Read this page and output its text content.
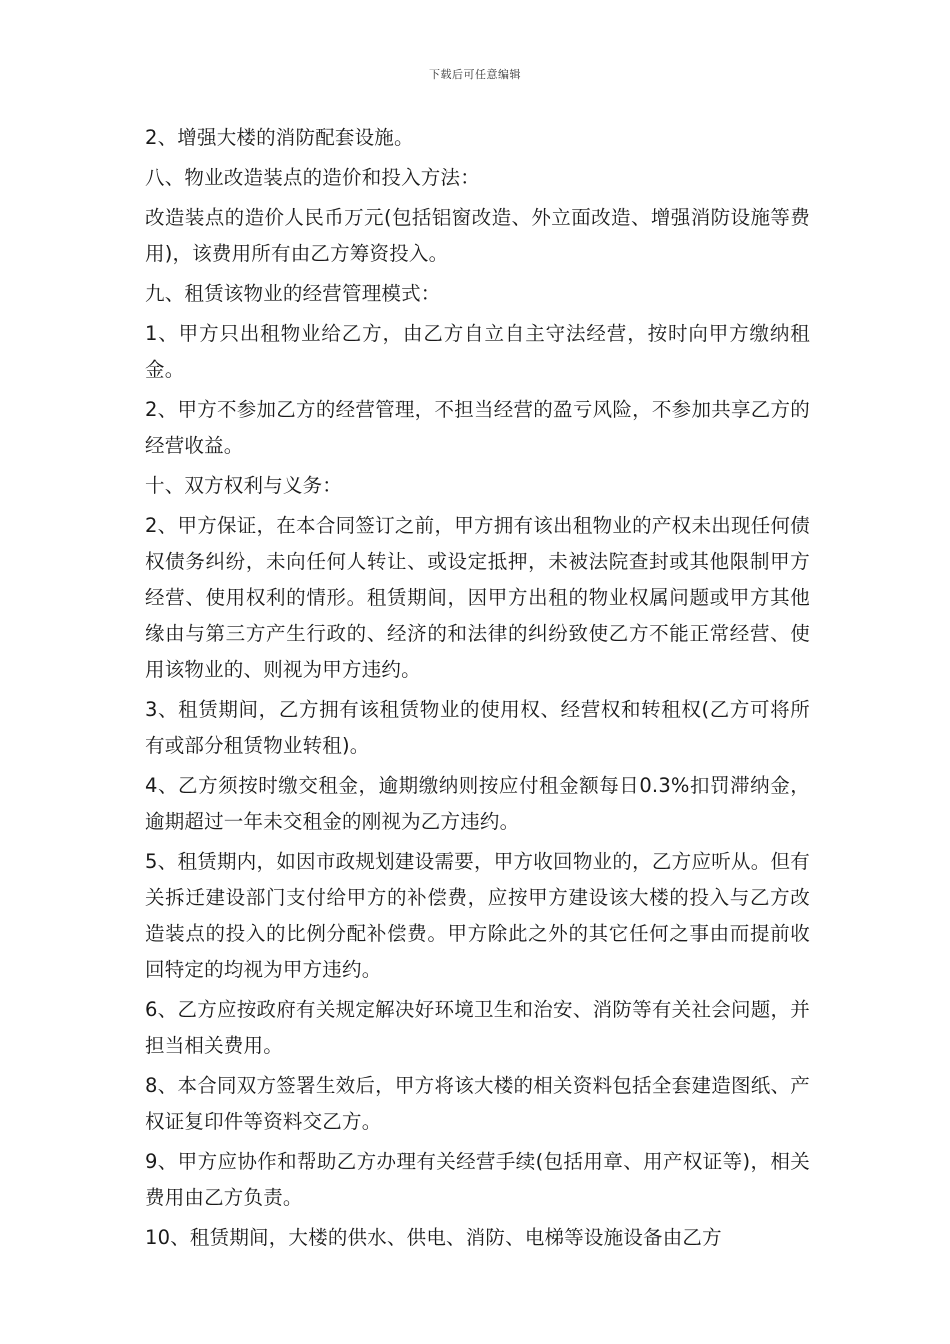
下载后可任意编辑

2、增强大楼的消防配套设施。

八、物业改造装点的造价和投入方法：

改造装点的造价人民币万元(包括铝窗改造、外立面改造、增强消防设施等费用)，该费用所有由乙方筹资投入。

九、租赁该物业的经营管理模式：

1、甲方只出租物业给乙方，由乙方自立自主守法经营，按时向甲方缴纳租金。

2、甲方不参加乙方的经营管理，不担当经营的盈亏风险，不参加共享乙方的经营收益。

十、双方权利与义务：

2、甲方保证，在本合同签订之前，甲方拥有该出租物业的产权未出现任何债权债务纠纷，未向任何人转让、或设定抵押，未被法院查封或其他限制甲方经营、使用权利的情形。租赁期间，因甲方出租的物业权属问题或甲方其他缘由与第三方产生行政的、经济的和法律的纠纷致使乙方不能正常经营、使用该物业的、则视为甲方违约。

3、租赁期间，乙方拥有该租赁物业的使用权、经营权和转租权(乙方可将所有或部分租赁物业转租)。

4、乙方须按时缴交租金，逾期缴纳则按应付租金额每日0.3%扣罚滞纳金，逾期超过一年未交租金的刚视为乙方违约。

5、租赁期内，如因市政规划建设需要，甲方收回物业的，乙方应听从。但有关拆迁建设部门支付给甲方的补偿费，应按甲方建设该大楼的投入与乙方改造装点的投入的比例分配补偿费。甲方除此之外的其它任何之事由而提前收回特定的均视为甲方违约。

6、乙方应按政府有关规定解决好环境卫生和治安、消防等有关社会问题，并担当相关费用。

8、本合同双方签署生效后，甲方将该大楼的相关资料包括全套建造图纸、产权证复印件等资料交乙方。

9、甲方应协作和帮助乙方办理有关经营手续(包括用章、用产权证等)，相关费用由乙方负责。

10、租赁期间，大楼的供水、供电、消防、电梯等设施设备由乙方
